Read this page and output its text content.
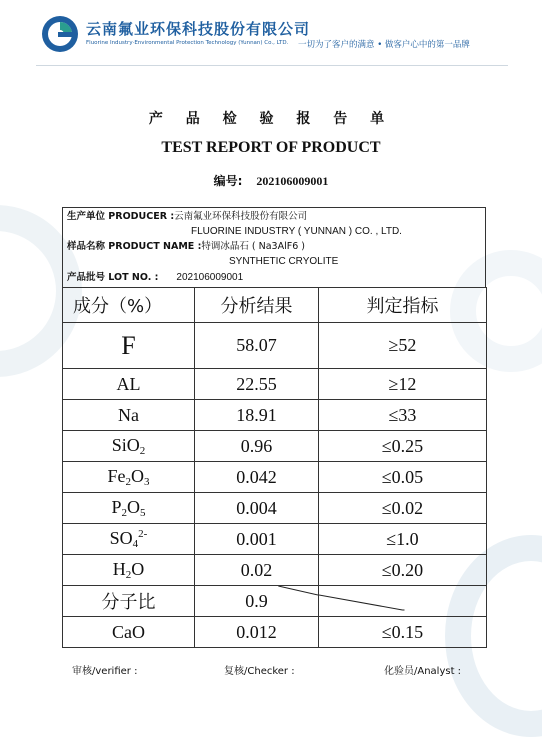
云南氟业环保科技股份有限公司
Fluorine Industry·Environmental Protection Technology (Yunnan) Co., LTD. 一切为了客户的满意 • 做客户心中的第一品牌
产 品 检 验 报 告 单
TEST REPORT OF PRODUCT
编号: 202106009001
生产单位 PRODUCER :云南氟业环保科技股份有限公司
FLUORINE INDUSTRY ( YUNNAN ) CO. , LTD.
样品名称 PRODUCT NAME :特调冰晶石 ( Na3AlF6 )
SYNTHETIC CRYOLITE
产品批号 LOT NO. : 202106009001
成分（%）	分析结果	判定指标
F	58.07	≥52
AL	22.55	≥12
Na	18.91	≤33
SiO$_2$	0.96	≤0.25
$Fe_2O_3$	0.042	≤0.05
$P_2O_5$	0.004	≤0.02
$SO_4^{2-}$	0.001	≤1.0
$H_2O$	0.02	≤0.20
分子比	0.9	

CaO	0.012	≤0.15
审核/verifier :	复核/Checker :	化验员/Analyst :
